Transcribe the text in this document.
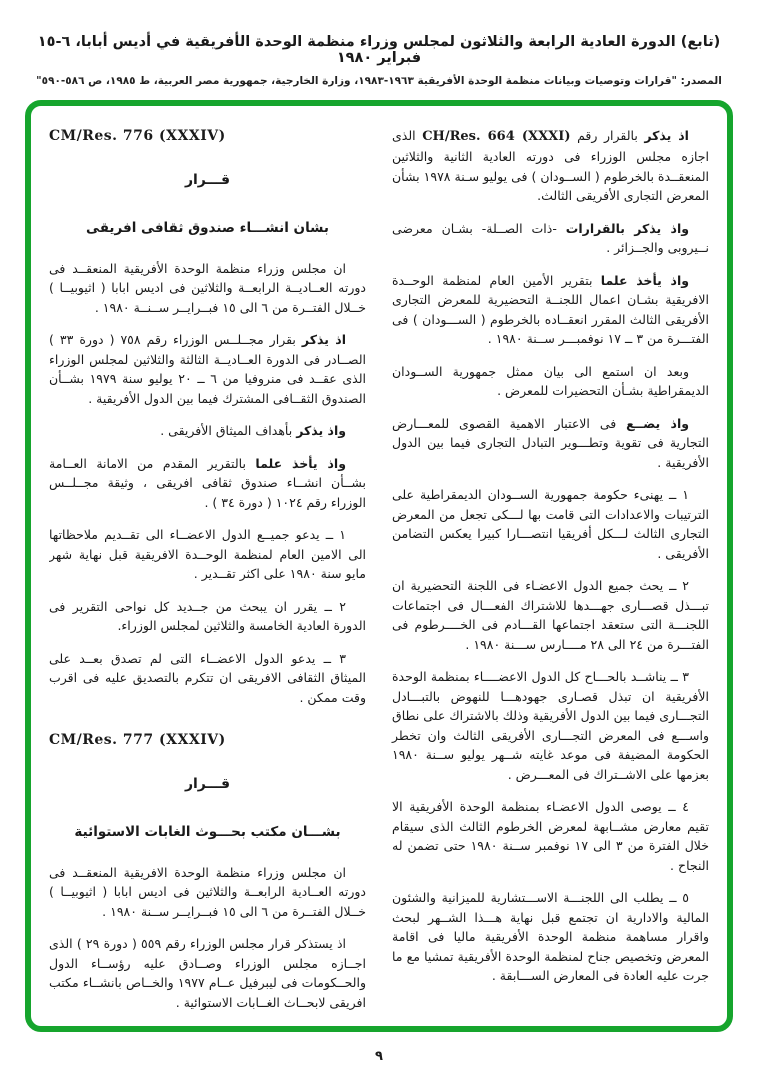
(تابع) الدورة العادية الرابعة والثلاثون لمجلس وزراء منظمة الوحدة الأفريقية في أديس أبابا، ٦-١٥ فبراير ١٩٨٠
المصدر: "قرارات وتوصيات وبيانات منظمة الوحدة الأفريقية ١٩٦٣-١٩٨٣، وزارة الخارجية، جمهورية مصر العربية، ط ١٩٨٥، ص ٥٨٦-٥٩٠"

اذ يذكر بالقرار رقم CH/Res. 664 (XXXI) الذى اجازه مجلس الوزراء فى دورته العادية الثانية والثلاثين المنعقــدة بالخرطوم ( الســودان ) فى يوليو سـنة ١٩٧٨ بشأن المعرض التجارى الأفريقى الثالث.

واذ يذكر بالقرارات -ذات الصــلة- بشـان معرضى نــيروبى والجــزائر .

واذ يأخذ علما بتقرير الأمين العام لمنظمة الوحــدة الافريقية بشـان اعمال اللجنــة التحضيرية للمعرض التجارى الأفريقى الثالث المقرر انعقــاده بالخرطوم ( الســـودان ) فى الفتـــرة من ٣ ــ ١٧ نوفمبـــر ســنة ١٩٨٠ .

وبعد ان استمع الى بيان ممثل جمهورية الســودان الديمقراطية بشـأن التحضيرات للمعرض .

واذ يضــع فى الاعتبار الاهمية القصوى للمعـــارض التجارية فى تقوية وتطـــوير التبادل التجارى فيما بين الدول الأفريقية .

١ ــ يهنىء حكومة جمهورية الســودان الديمقراطية على الترتيبات والاعدادات التى قامت بها لـــكى تجعل من المعرض التجارى الثالث لـــكل أفريقيا انتصـــارا كبيرا يعكس التضامن الأفريقى .

٢ ــ يحث جميع الدول الاعضـاء فى اللجنة التحضيرية ان تبـــذل قصـــارى جهـــدها للاشتراك الفعـــال فى اجتماعات اللجنـــة التى ستعقد اجتماعها القـــادم فى الخــــرطوم فى الفتـــرة من ٢٤ الى ٢٨ مــــارس ســـنة ١٩٨٠ .

٣ ــ يناشــد بالحـــاح كل الدول الاعضــــاء بمنظمة الوحدة الأفريقية ان تبذل قصـارى جهودهـــا للنهوض بالتبـــادل التجـــارى فيما بين الدول الأفريقية وذلك بالاشتراك على نطاق واســـع فى المعرض التجـــارى الأفريقى الثالث وان تخطر الحكومة المضيفة فى موعد غايته شــهر يوليو ســنة ١٩٨٠ بعزمها على الاشــتراك فى المعـــرض .

٤ ــ يوصى الدول الاعضـاء بمنظمة الوحدة الأفريقية الا تقيم معارض مشــابهة لمعرض الخرطوم الثالث الذى سيقام خلال الفترة من ٣ الى ١٧ نوفمبر ســنة ١٩٨٠ حتى تضمن له النجاح .

٥ ــ يطلب الى اللجنـــة الاســـتشارية للميزانية والشئون المالية والادارية ان تجتمع قبل نهاية هـــذا الشــهر لبحث واقرار مساهمة منظمة الوحدة الأفريقية ماليا فى اقامة المعرض وتخصيص جناح لمنظمة الوحدة الأفريقية تمشيا مع ما جرت عليه العادة فى المعارض الســـابقة .

CM/Res. 776 (XXXIV)
قـــرار
بشان انشـــاء صندوق ثقافى افريقى

ان مجلس وزراء منظمة الوحدة الأفريقية المنعقــد فى دورته العــاديــة الرابعــة والثلاثين فى اديس ابابا ( اثيوبيــا ) خــلال الفتــرة من ٦ الى ١٥ فبــرايــر ســنــة ١٩٨٠ .

اذ يذكر بقرار مجــلــس الوزراء رقم ٧٥٨ ( دورة ٣٣ ) الصــادر فى الدورة العــاديــة الثالثة والثلاثين لمجلس الوزراء الذى عقــد فى منروفيا من ٦ ــ ٢٠ يوليو سنة ١٩٧٩ بشــأن الصندوق الثقــافى المشترك فيما بين الدول الأفريقية .

واذ يذكر بأهداف الميثاق الأفريقى .

واذ يأخذ علما بالتقرير المقدم من الامانة العــامة بشــأن انشــاء صندوق ثقافى افريقى ، وثيقة مجــلــس الوزراء رقم ١٠٢٤ ( دورة ٣٤ ) .

١ ــ يدعو جميــع الدول الاعضــاء الى تقــديم ملاحظاتها الى الامين العام لمنظمة الوحــدة الافريقية قبل نهاية شهر مايو سنة ١٩٨٠ على اكثر تقــدير .

٢ ــ يقرر ان يبحث من جــديد كل نواحى التقرير فى الدورة العادية الخامسة والثلاثين لمجلس الوزراء.

٣ ــ يدعو الدول الاعضــاء التى لم تصدق بعــد على الميثاق الثقافى الافريقى ان تتكرم بالتصديق عليه فى اقرب وقت ممكن .

CM/Res. 777 (XXXIV)
قـــرار
بشـــان مكتب بحـــوث الغابات الاستوائية

ان مجلس وزراء منظمة الوحدة الافريقية المنعقــد فى دورته العــادية الرابعــة والثلاثين فى اديس ابابا ( اثيوبيــا ) خــلال الفتــرة من ٦ الى ١٥ فبــرايــر ســنة ١٩٨٠ .

اذ يستذكر قرار مجلس الوزراء رقم ٥٥٩ ( دورة ٢٩ ) الذى اجــازه مجلس الوزراء وصــادق عليه رؤســاء الدول والحــكومات فى ليبرفيل عــام ١٩٧٧ والخــاص بانشــاء مكتب افريقى لابحــاث الغــابات الاستوائية .

٩
